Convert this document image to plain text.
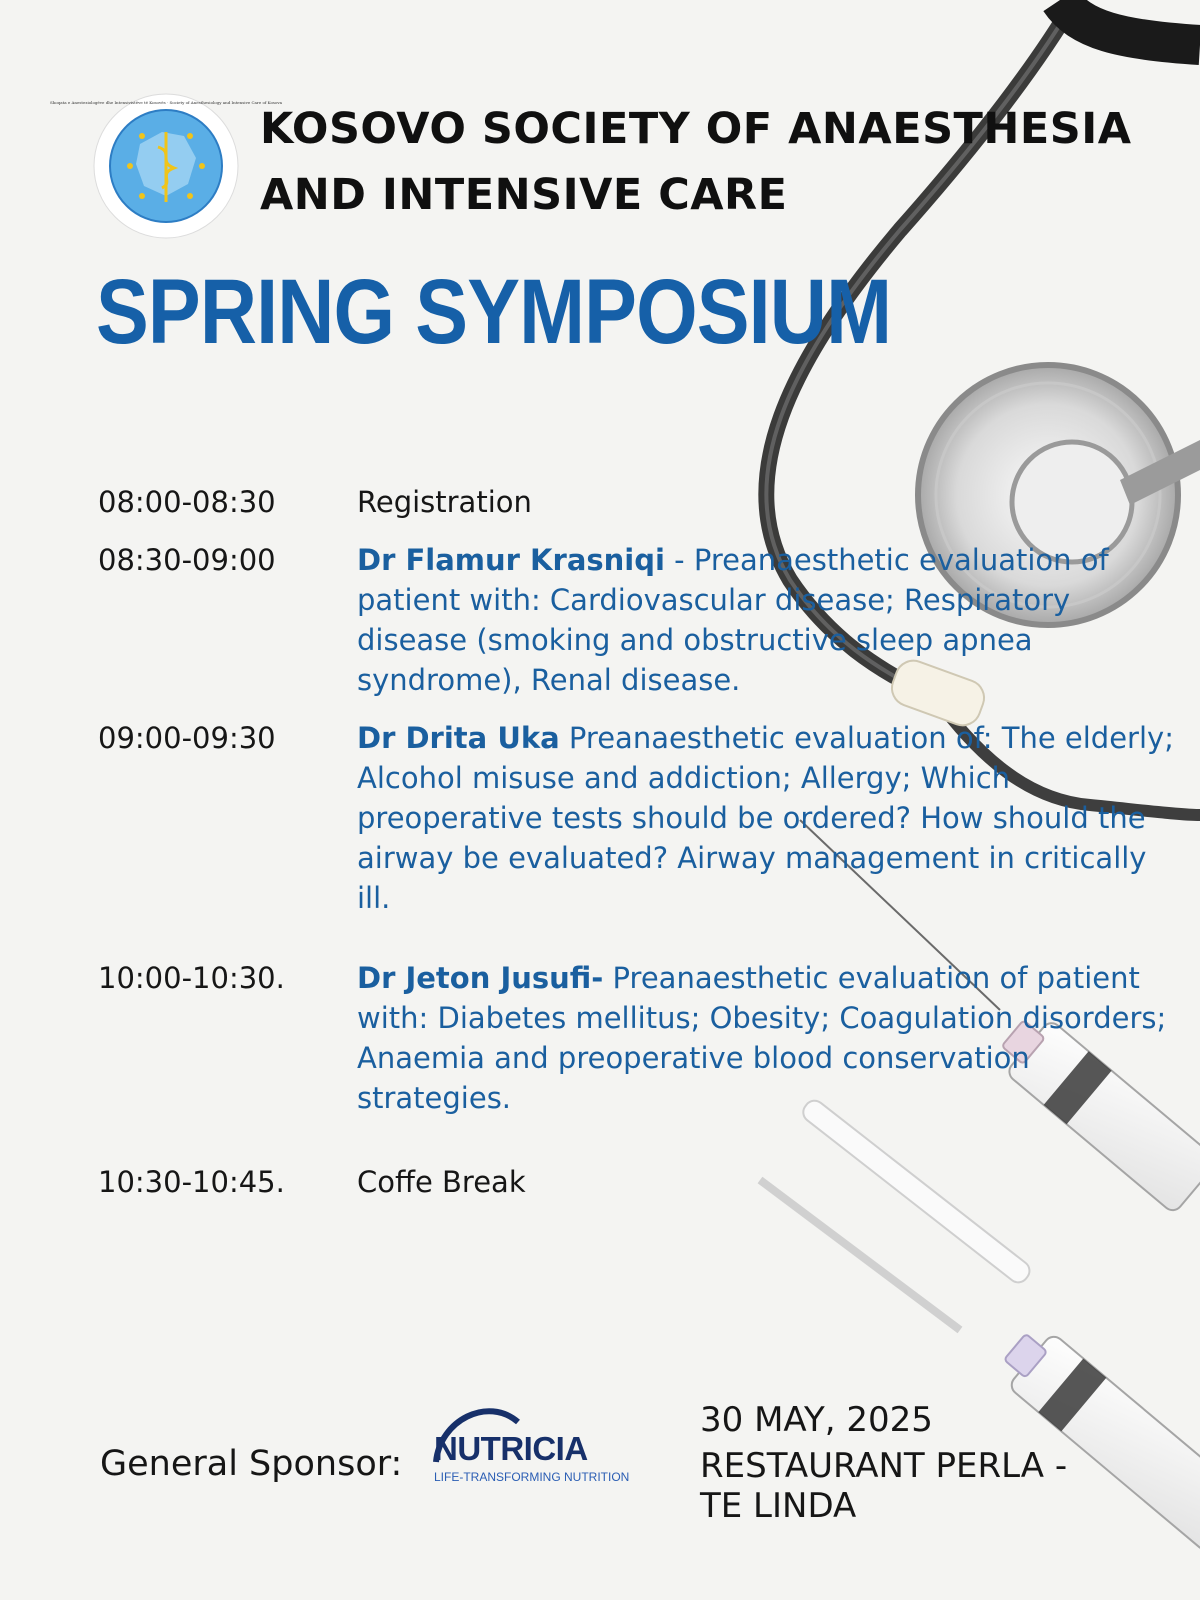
Shoqata e Anesteziologëve dhe Intensivistëve të Kosovës · Society of Anesthesiology and Intensive Care of Kosova
KOSOVO SOCIETY OF ANAESTHESIA
AND INTENSIVE CARE
SPRING SYMPOSIUM
08:00-08:30	Registration
08:30-09:00	Dr Flamur Krasniqi - Preanaesthetic evaluation of patient with: Cardiovascular disease; Respiratory disease (smoking and obstructive sleep apnea syndrome), Renal disease.
09:00-09:30	Dr Drita Uka Preanaesthetic evaluation of: The elderly; Alcohol misuse and addiction; Allergy; Which preoperative tests should be ordered? How should the airway be evaluated? Airway management in critically ill.
10:00-10:30.	Dr Jeton Jusufi- Preanaesthetic evaluation of patient with: Diabetes mellitus; Obesity; Coagulation disorders; Anaemia and preoperative blood conservation strategies.
10:30-10:45.	Coffe Break
General Sponsor: NUTRICIA
LIFE-TRANSFORMING NUTRITION
30 MAY, 2025
RESTAURANT PERLA - TE LINDA
